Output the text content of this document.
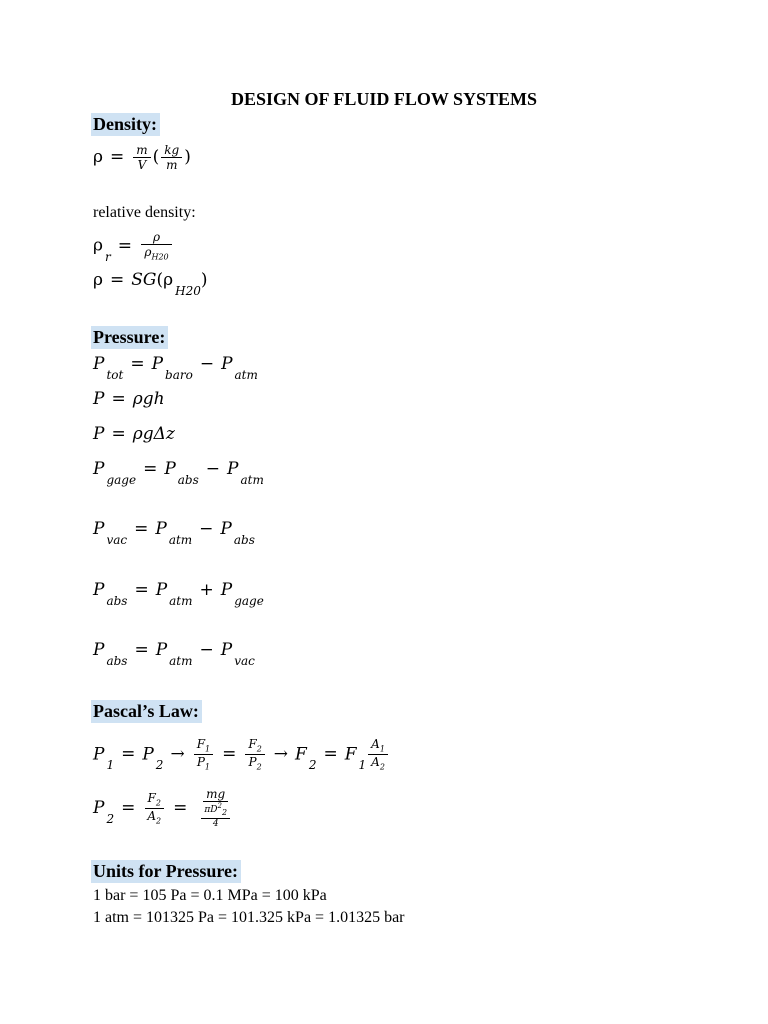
DESIGN OF FLUID FLOW SYSTEMS
Density:
$\rho = \frac{m}{V}$ ( $\frac{kg}{m}$ )
relative density:
$\rho_r= \frac{\rho}{\rho_{H20}}$
$\rho = SG(\rho_{H20})$
Pressure:
$P_{tot}= P_{baro}- P_{atm}$
P = ρgh
P = ρgΔz
$P_{gage}= P_{abs}- P_{atm}$
$P_{vac}= P_{atm}- P_{abs}$
$P_{abs}= P_{atm}+ P_{gage}$
$P_{abs}= P_{atm}- P_{vac}$
Pascal’s Law:
$P_1= P_2\to \frac{F_1}{P_1} = \frac{F_2}{P_2} \to F_2= F_1 \frac{A_1}{A_2}$
$P_2= \frac{F_2}{A_2} = \frac{mg}{\frac{\pi D^2_2}{4}}$
Units for Pressure:
1 bar = 105 Pa = 0.1 MPa = 100 kPa
1 atm = 101325 Pa = 101.325 kPa = 1.01325 bar
